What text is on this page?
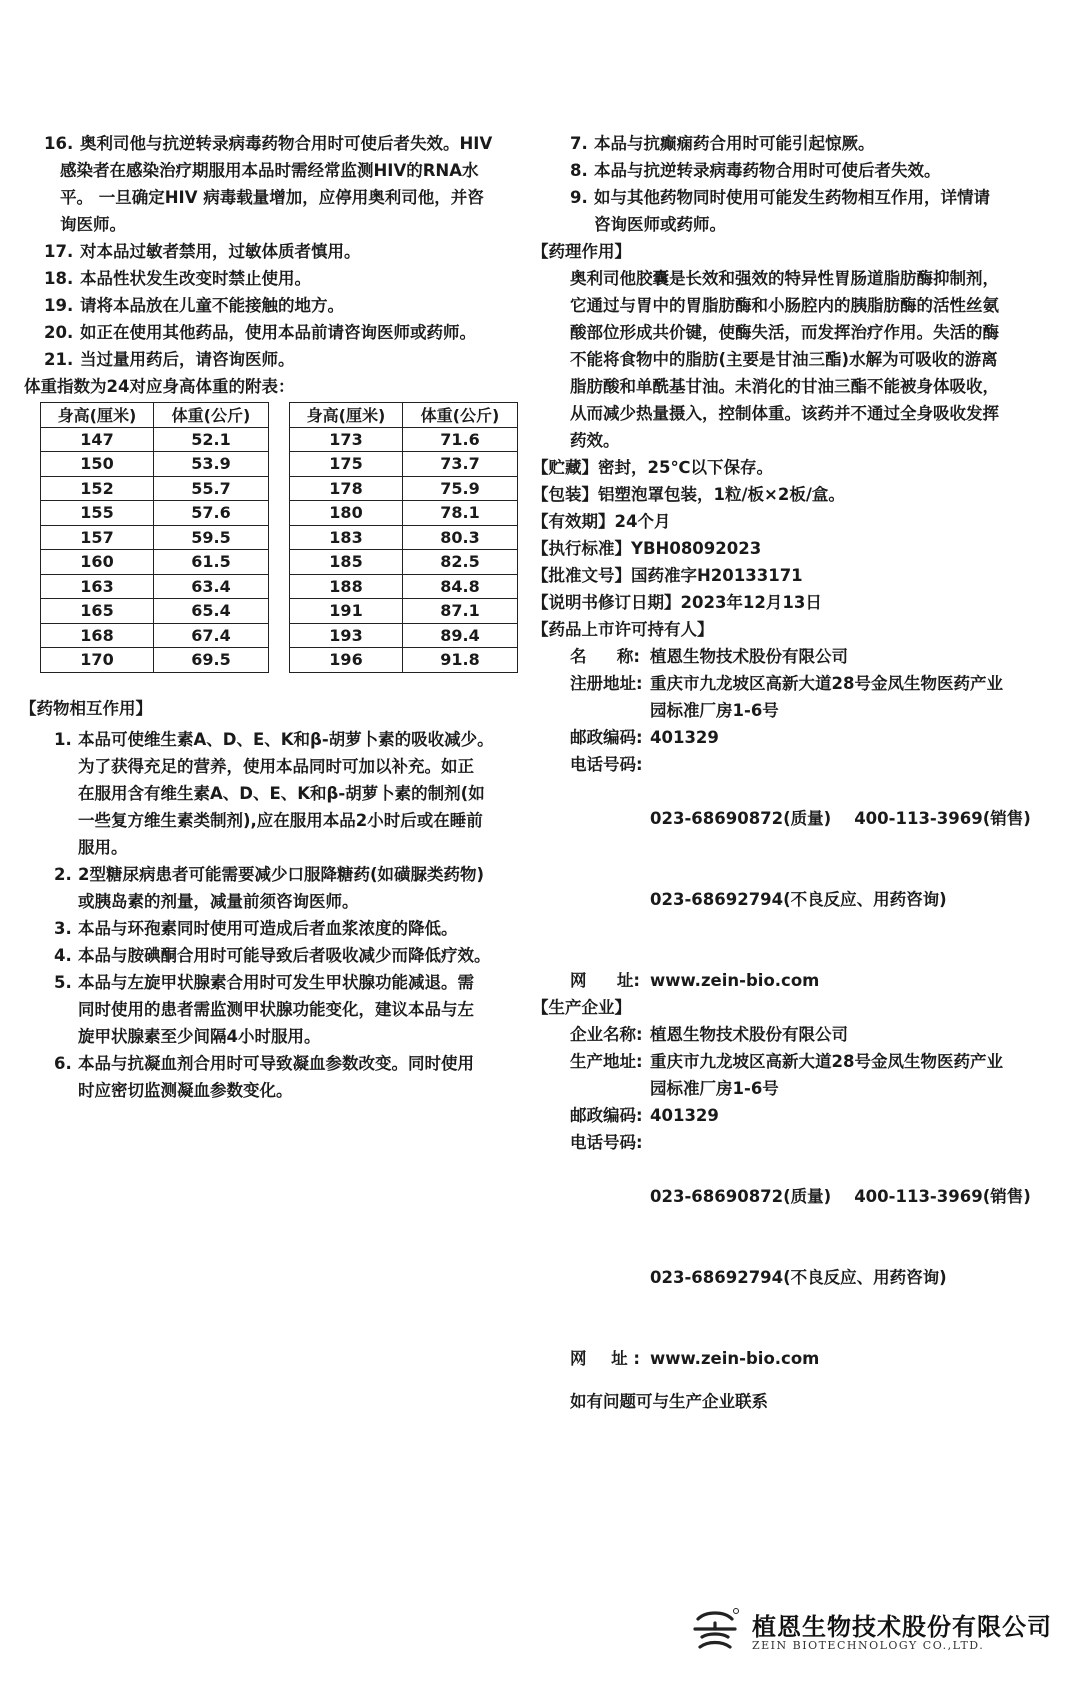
16. 奥利司他与抗逆转录病毒药物合用时可使后者失效。HIV
感染者在感染治疗期服用本品时需经常监测HIV的RNA水
平。 一旦确定HIV 病毒载量增加，应停用奥利司他，并咨
询医师。
17. 对本品过敏者禁用，过敏体质者慎用。
18. 本品性状发生改变时禁止使用。
19. 请将本品放在儿童不能接触的地方。
20. 如正在使用其他药品，使用本品前请咨询医师或药师。
21. 当过量用药后，请咨询医师。
体重指数为24对应身高体重的附表：
身高(厘米)	体重(公斤)
147	52.1
150	53.9
152	55.7
155	57.6
157	59.5
160	61.5
163	63.4
165	65.4
168	67.4
170	69.5
身高(厘米)	体重(公斤)
173	71.6
175	73.7
178	75.9
180	78.1
183	80.3
185	82.5
188	84.8
191	87.1
193	89.4
196	91.8
【药物相互作用】
1. 本品可使维生素A、D、E、K和β-胡萝卜素的吸收减少。
为了获得充足的营养，使用本品同时可加以补充。如正
在服用含有维生素A、D、E、K和β-胡萝卜素的制剂(如
一些复方维生素类制剂),应在服用本品2小时后或在睡前
服用。
2. 2型糖尿病患者可能需要减少口服降糖药(如磺脲类药物)
或胰岛素的剂量，减量前须咨询医师。
3. 本品与环孢素同时使用可造成后者血浆浓度的降低。
4. 本品与胺碘酮合用时可能导致后者吸收减少而降低疗效。
5. 本品与左旋甲状腺素合用时可发生甲状腺功能减退。需
同时使用的患者需监测甲状腺功能变化，建议本品与左
旋甲状腺素至少间隔4小时服用。
6. 本品与抗凝血剂合用时可导致凝血参数改变。同时使用
时应密切监测凝血参数变化。
7. 本品与抗癫痫药合用时可能引起惊厥。
8. 本品与抗逆转录病毒药物合用时可使后者失效。
9. 如与其他药物同时使用可能发生药物相互作用，详情请
咨询医师或药师。
【药理作用】
奥利司他胶囊是长效和强效的特异性胃肠道脂肪酶抑制剂，
它通过与胃中的胃脂肪酶和小肠腔内的胰脂肪酶的活性丝氨
酸部位形成共价键，使酶失活，而发挥治疗作用。失活的酶
不能将食物中的脂肪(主要是甘油三酯)水解为可吸收的游离
脂肪酸和单酰基甘油。未消化的甘油三酯不能被身体吸收，
从而减少热量摄入，控制体重。该药并不通过全身吸收发挥
药效。
【贮藏】密封，25℃以下保存。
【包装】铝塑泡罩包装，1粒/板×2板/盒。
【有效期】24个月
【执行标准】YBH08092023
【批准文号】国药准字H20133171
【说明书修订日期】2023年12月13日
【药品上市许可持有人】
名 称: 植恩生物技术股份有限公司
注册地址: 重庆市九龙坡区高新大道28号金凤生物医药产业
园标准厂房1-6号
邮政编码: 401329
电话号码:

023-68690872(质量)    400-113-3969(销售)

023-68692794(不良反应、用药咨询)

网 址: www.zein-bio.com
【生产企业】
企业名称: 植恩生物技术股份有限公司
生产地址: 重庆市九龙坡区高新大道28号金凤生物医药产业
园标准厂房1-6号
邮政编码: 401329
电话号码:

023-68690872(质量)    400-113-3969(销售)

023-68692794(不良反应、用药咨询)

网 址 : www.zein-bio.com
如有问题可与生产企业联系
植恩生物技术股份有限公司
ZEIN BIOTECHNOLOGY CO.,LTD.
